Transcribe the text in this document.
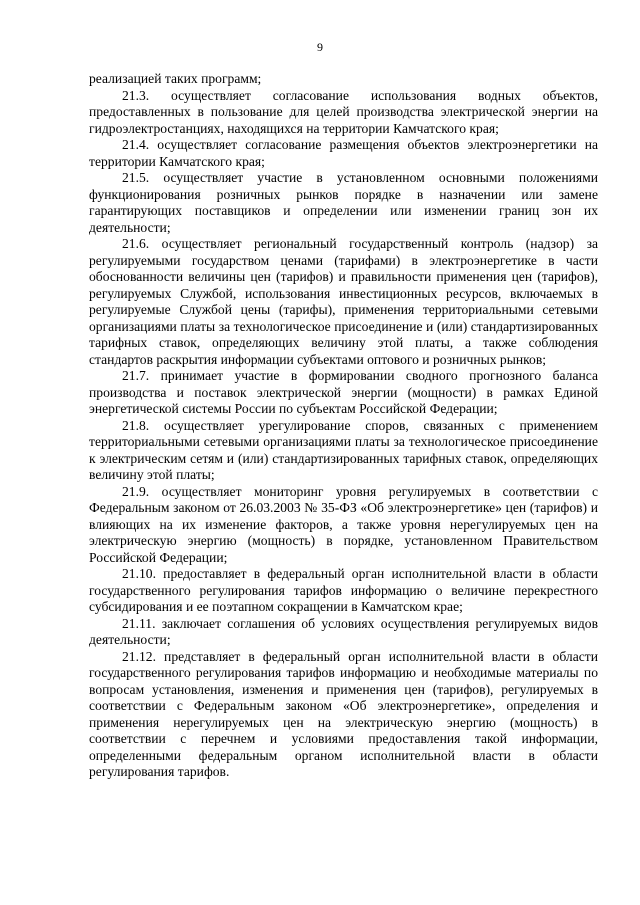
9

реализацией таких программ;

21.3. осуществляет согласование использования водных объектов, предоставленных в пользование для целей производства электрической энергии на гидроэлектростанциях, находящихся на территории Камчатского края;

21.4. осуществляет согласование размещения объектов электроэнергетики на территории Камчатского края;

21.5. осуществляет участие в установленном основными положениями функционирования розничных рынков порядке в назначении или замене гарантирующих поставщиков и определении или изменении границ зон их деятельности;

21.6. осуществляет региональный государственный контроль (надзор) за регулируемыми государством ценами (тарифами) в электроэнергетике в части обоснованности величины цен (тарифов) и правильности применения цен (тарифов), регулируемых Службой, использования инвестиционных ресурсов, включаемых в регулируемые Службой цены (тарифы), применения территориальными сетевыми организациями платы за технологическое присоединение и (или) стандартизированных тарифных ставок, определяющих величину этой платы, а также соблюдения стандартов раскрытия информации субъектами оптового и розничных рынков;

21.7. принимает участие в формировании сводного прогнозного баланса производства и поставок электрической энергии (мощности) в рамках Единой энергетической системы России по субъектам Российской Федерации;

21.8. осуществляет урегулирование споров, связанных с применением территориальными сетевыми организациями платы за технологическое присоединение к электрическим сетям и (или) стандартизированных тарифных ставок, определяющих величину этой платы;

21.9. осуществляет мониторинг уровня регулируемых в соответствии с Федеральным законом от 26.03.2003 № 35-ФЗ «Об электроэнергетике» цен (тарифов) и влияющих на их изменение факторов, а также уровня нерегулируемых цен на электрическую энергию (мощность) в порядке, установленном Правительством Российской Федерации;

21.10. предоставляет в федеральный орган исполнительной власти в области государственного регулирования тарифов информацию о величине перекрестного субсидирования и ее поэтапном сокращении в Камчатском крае;

21.11. заключает соглашения об условиях осуществления регулируемых видов деятельности;

21.12. представляет в федеральный орган исполнительной власти в области государственного регулирования тарифов информацию и необходимые материалы по вопросам установления, изменения и применения цен (тарифов), регулируемых в соответствии с Федеральным законом «Об электроэнергетике», определения и применения нерегулируемых цен на электрическую энергию (мощность) в соответствии с перечнем и условиями предоставления такой информации, определенными федеральным органом исполнительной власти в области регулирования тарифов.
